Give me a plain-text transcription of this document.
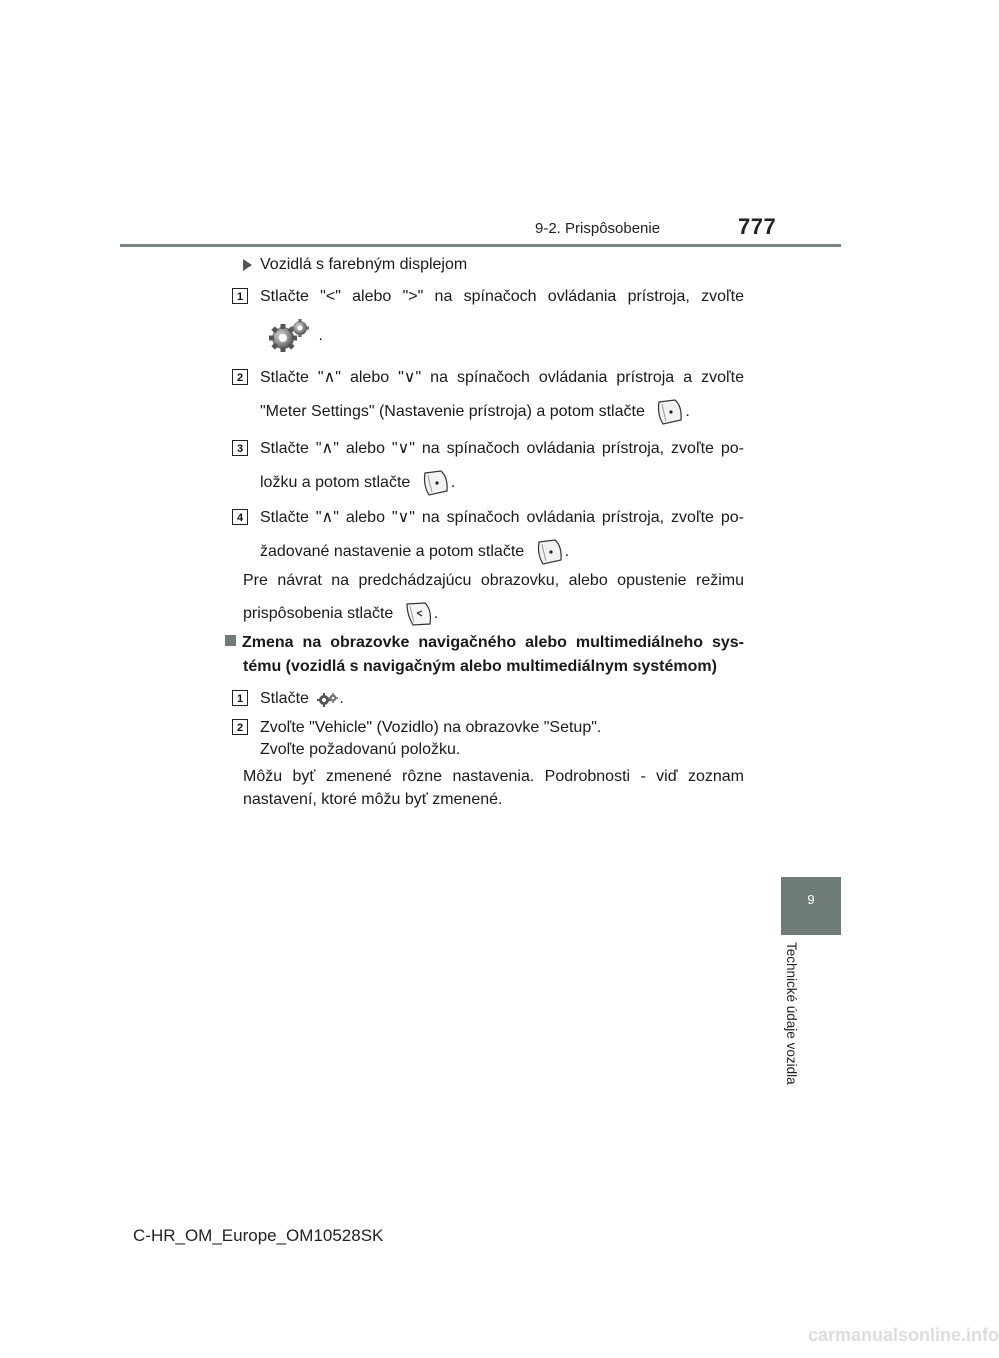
9-2. Prispôsobenie	777
9
Technické údaje vozidla
Vozidlá s farebným displejom
1	Stlačte "<" alebo ">" na spínačoch ovládania prístroja, zvoľte
.
2	Stlačte "∧" alebo "∨" na spínačoch ovládania prístroja a zvoľte
"Meter Settings" (Nastavenie prístroja) a potom stlačte	.
3	Stlačte "∧" alebo "∨" na spínačoch ovládania prístroja, zvoľte po-
ložku a potom stlačte	.
4	Stlačte "∧" alebo "∨" na spínačoch ovládania prístroja, zvoľte po-
žadované nastavenie a potom stlačte	.
Pre návrat na predchádzajúcu obrazovku, alebo opustenie režimu
prispôsobenia stlačte	.
Zmena na obrazovke navigačného alebo multimediálneho sys-
tému (vozidlá s navigačným alebo multimediálnym systémom)
1	Stlačte .
2	Zvoľte "Vehicle" (Vozidlo) na obrazovke "Setup".
Zvoľte požadovanú položku.
Môžu byť zmenené rôzne nastavenia. Podrobnosti - viď zoznam
nastavení, ktoré môžu byť zmenené.
C-HR_OM_Europe_OM10528SK
carmanualsonline.info
